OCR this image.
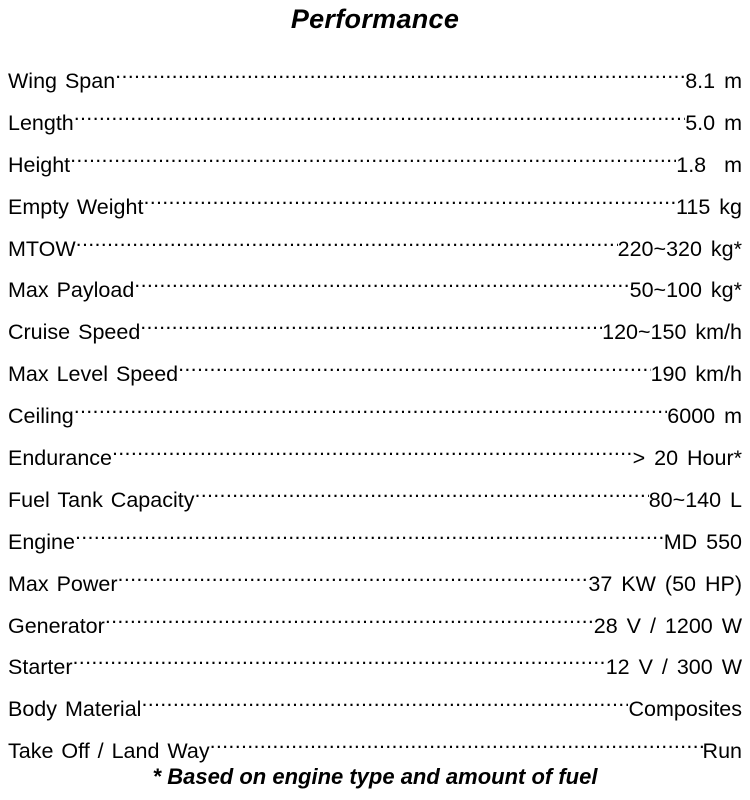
Performance
Wing Span .....	8.1 m
Length .....	5.0 m
Height .....	1.8  m
Empty Weight .....	115 kg
MTOW .....	220~320 kg*
Max Payload .....	50~100 kg*
Cruise Speed .....	120~150 km/h
Max Level Speed .....	190 km/h
Ceiling .....	6000 m
Endurance .....	> 20 Hour*
Fuel Tank Capacity .....	80~140 L
Engine .....	MD 550
Max Power .....	37 KW (50 HP)
Generator .....	28 V / 1200 W
Starter .....	12 V / 300 W
Body Material .....	Composites
Take Off / Land Way .....	Run
* Based on engine type and amount of fuel
